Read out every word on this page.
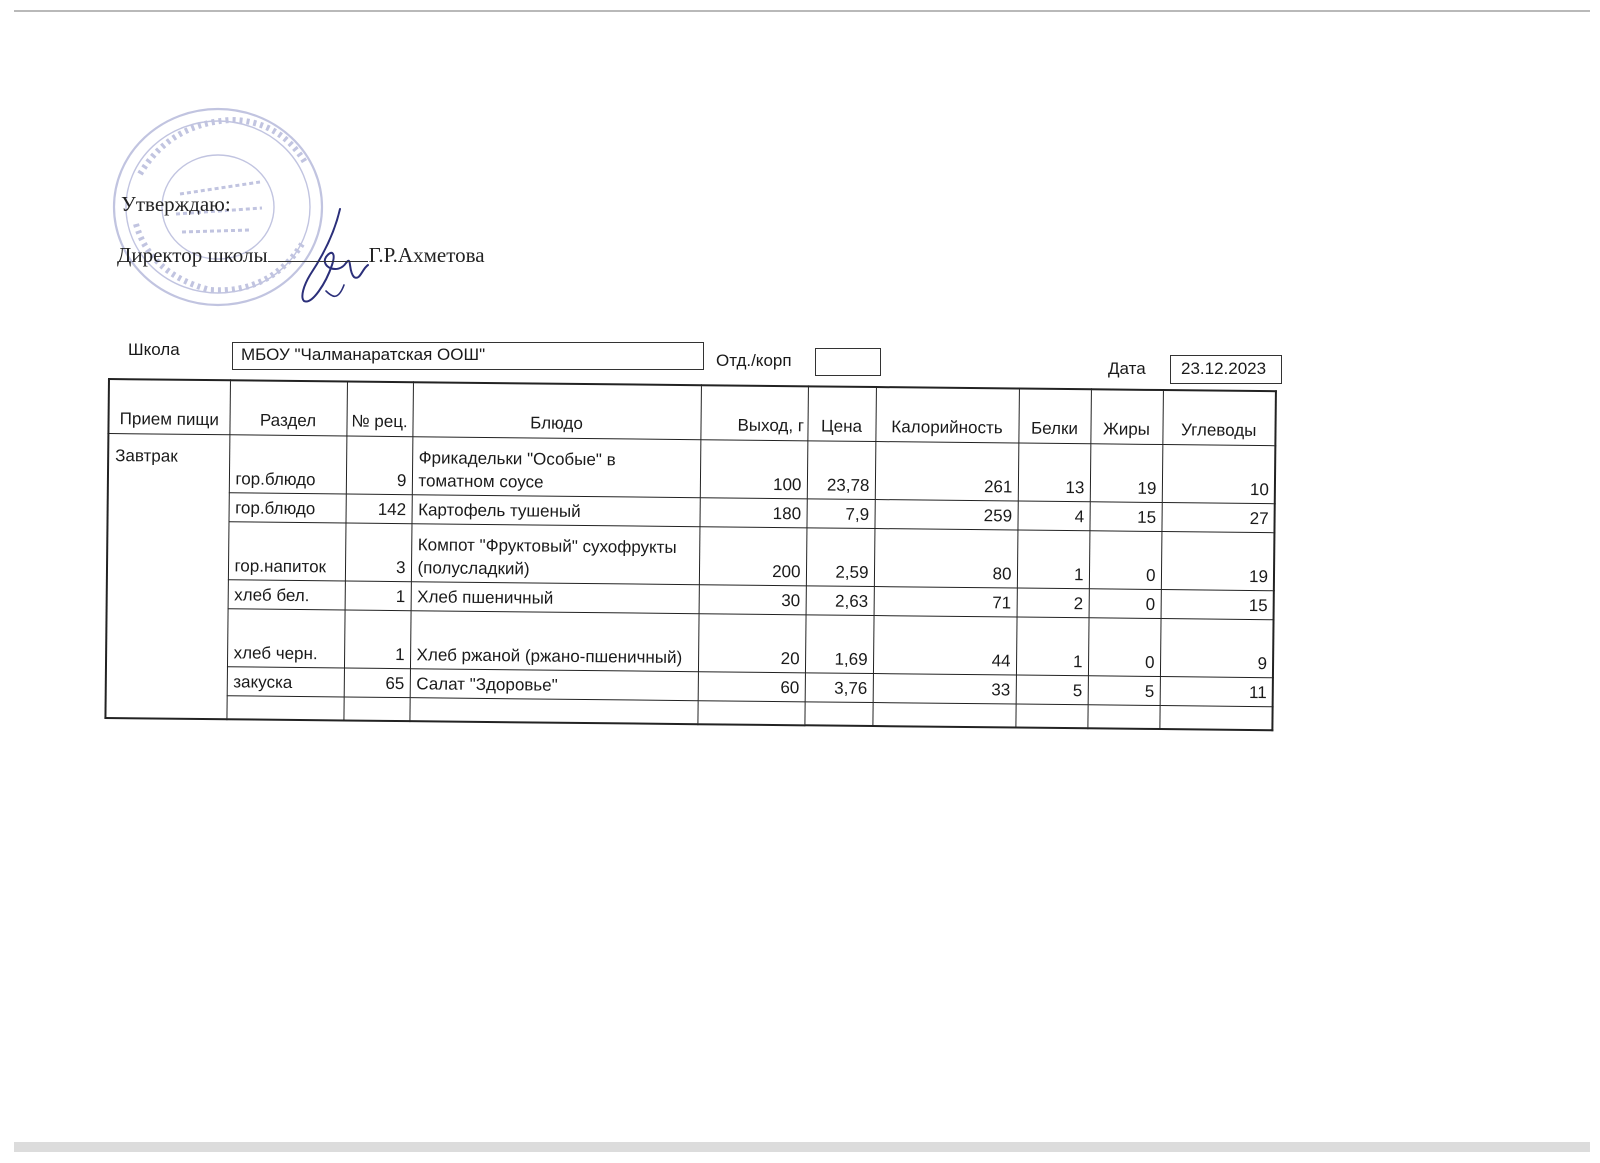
Утверждаю:
Директор школы	Г.Р.Ахметова
Школа	МБОУ "Чалманаратская ООШ"	Отд./корп	Дата	23.12.2023
Прием пищи	Раздел	№ рец.	Блюдо	Выход, г	Цена	Калорийность	Белки	Жиры	Углеводы
Завтрак	гор.блюдо	9	Фрикадельки "Особые" в томатном соусе	100	23,78	261	13	19	10
	гор.блюдо	142	Картофель тушеный	180	7,9	259	4	15	27
	гор.напиток	3	Компот "Фруктовый" сухофрукты (полусладкий)	200	2,59	80	1	0	19
	хлеб бел.	1	Хлеб пшеничный	30	2,63	71	2	0	15
	хлеб черн.	1	Хлеб ржаной (ржано-пшеничный)	20	1,69	44	1	0	9
	закуска	65	Салат "Здоровье"	60	3,76	33	5	5	11
